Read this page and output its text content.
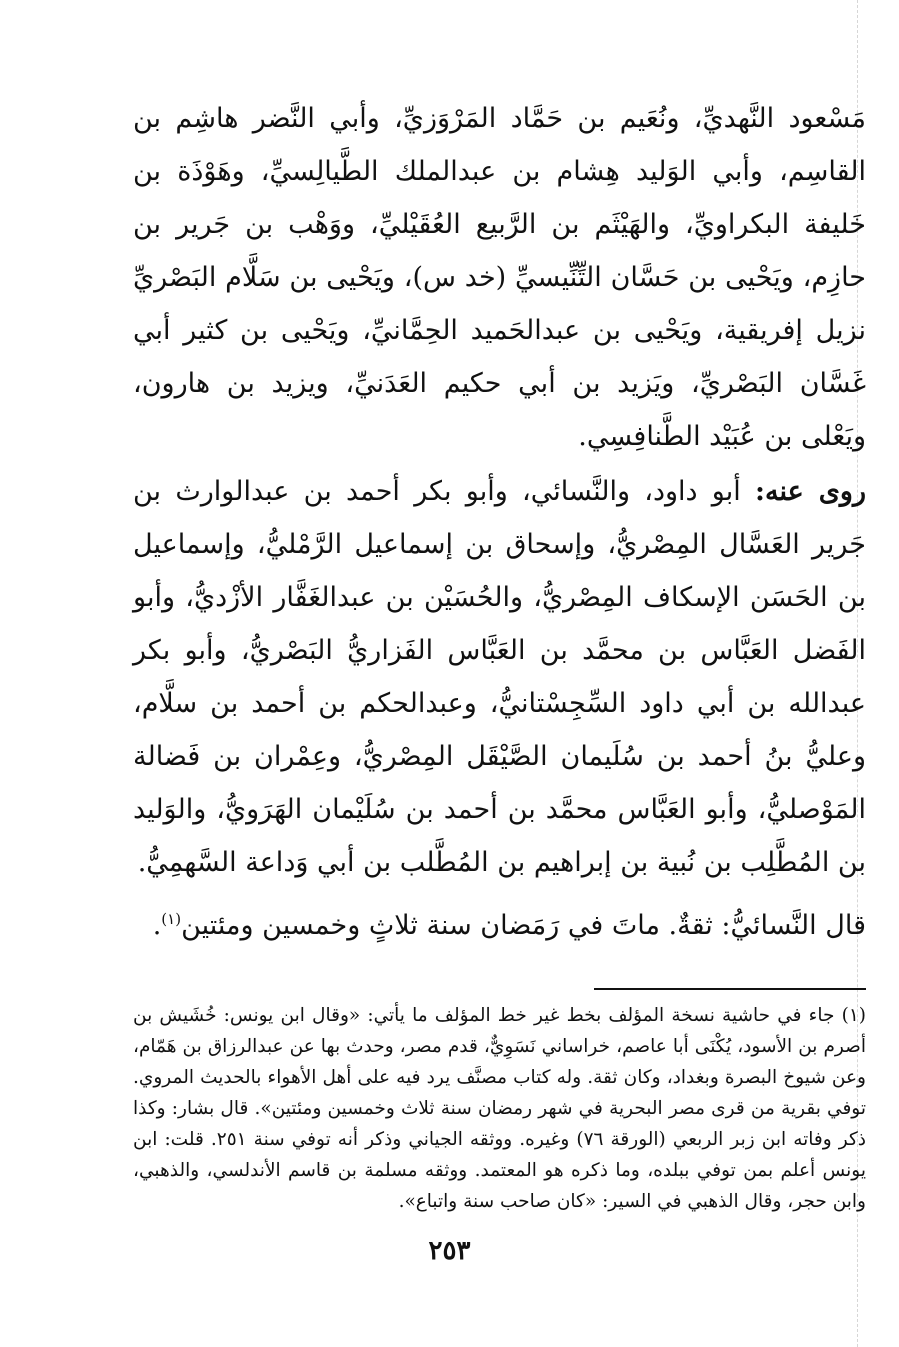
مَسْعود النَّهديِّ، ونُعَيم بن حَمَّاد المَرْوَزيِّ، وأبي النَّضر هاشِم بن القاسِم، وأبي الوَليد هِشام بن عبدالملك الطَّيالِسيِّ، وهَوْذَة بن خَليفة البكراويِّ، والهَيْثَم بن الرَّبيع العُقَيْليِّ، ووَهْب بن جَرير بن حازِم، ويَحْيى بن حَسَّان التِّنِّيسيِّ (خد س)، ويَحْيى بن سَلَّام البَصْريِّ نزيل إفريقية، ويَحْيى بن عبدالحَميد الحِمَّانيِّ، ويَحْيى بن كثير أبي غَسَّان البَصْريِّ، ويَزيد بن أبي حكيم العَدَنيِّ، ويزيد بن هارون، ويَعْلى بن عُبَيْد الطَّنافِسِي.

روى عنه: أبو داود، والنَّسائي، وأبو بكر أحمد بن عبدالوارث بن جَرير العَسَّال المِصْريُّ، وإسحاق بن إسماعيل الرَّمْليُّ، وإسماعيل بن الحَسَن الإسكاف المِصْريُّ، والحُسَيْن بن عبدالغَفَّار الأزْديُّ، وأبو الفَضل العَبَّاس بن محمَّد بن العَبَّاس الفَزاريُّ البَصْريُّ، وأبو بكر عبدالله بن أبي داود السِّجِسْتانيُّ، وعبدالحكم بن أحمد بن سلَّام، وعليُّ بنُ أحمد بن سُلَيمان الصَّيْقَل المِصْريُّ، وعِمْران بن فَضالة المَوْصليُّ، وأبو العَبَّاس محمَّد بن أحمد بن سُلَيْمان الهَرَويُّ، والوَليد بن المُطَّلِب بن نُبية بن إبراهيم بن المُطَّلب بن أبي وَداعة السَّهمِيُّ.

قال النَّسائيُّ: ثقةٌ. ماتَ في رَمَضان سنة ثلاثٍ وخمسين ومئتين$^{(١)}$.

(١) جاء في حاشية نسخة المؤلف بخط غير خط المؤلف ما يأتي: «وقال ابن يونس: خُشَيش بن أصرم بن الأسود، يُكْنَى أبا عاصم، خراساني نَسَوِيٌّ، قدم مصر، وحدث بها عن عبدالرزاق بن هَمّام، وعن شيوخ البصرة وبغداد، وكان ثقة. وله كتاب مصنَّف يرد فيه على أهل الأهواء بالحديث المروي. توفي بقرية من قرى مصر البحرية في شهر رمضان سنة ثلاث وخمسين ومئتين». قال بشار: وكذا ذكر وفاته ابن زبر الربعي (الورقة ٧٦) وغيره. ووثقه الجياني وذكر أنه توفي سنة ٢٥١. قلت: ابن يونس أعلم بمن توفي ببلده، وما ذكره هو المعتمد. ووثقه مسلمة بن قاسم الأندلسي، والذهبي، وابن حجر، وقال الذهبي في السير: «كان صاحب سنة واتباع».

٢٥٣
